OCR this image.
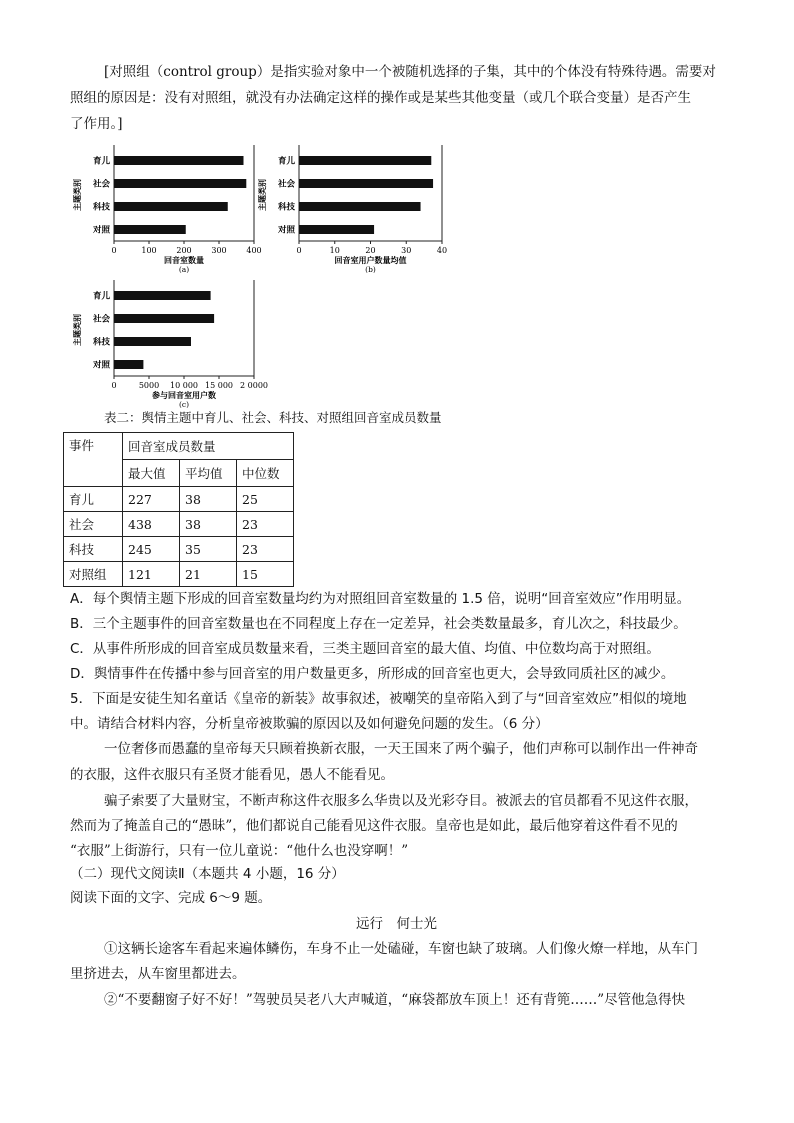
[对照组（control group）是指实验对象中一个被随机选择的子集，其中的个体没有特殊待遇。需要对
照组的原因是：没有对照组，就没有办法确定这样的操作或是某些其他变量（或几个联合变量）是否产生
了作用。]
主题类别
育儿
社会
科技
对照
0	100 200 300 400
回音室数量
(a)
主题类别
育儿
社会
科技
对照
0	10	20	30	40
回音室用户数量均值
(b)
主题类别
育儿
社会
科技
对照
0	5000 10 000 15 000 2 0000
参与回音室用户数
(c)
表二：舆情主题中育儿、社会、科技、对照组回音室成员数量
事件	回音室成员数量		
	最大值	平均值	中位数
育儿	227	38	25
社会	438	38	23
科技	245	35	23
对照组	121	21	15
A．每个舆情主题下形成的回音室数量均约为对照组回音室数量的 1.5 倍，说明“回音室效应”作用明显。
B．三个主题事件的回音室数量也在不同程度上存在一定差异，社会类数量最多，育儿次之，科技最少。
C．从事件所形成的回音室成员数量来看，三类主题回音室的最大值、均值、中位数均高于对照组。
D．舆情事件在传播中参与回音室的用户数量更多，所形成的回音室也更大，会导致同质社区的减少。
5．下面是安徒生知名童话《皇帝的新装》故事叙述，被嘲笑的皇帝陷入到了与“回音室效应”相似的境地
中。请结合材料内容，分析皇帝被欺骗的原因以及如何避免问题的发生。（6 分）
一位奢侈而愚蠢的皇帝每天只顾着换新衣服，一天王国来了两个骗子，他们声称可以制作出一件神奇
的衣服，这件衣服只有圣贤才能看见，愚人不能看见。
骗子索要了大量财宝，不断声称这件衣服多么华贵以及光彩夺目。被派去的官员都看不见这件衣服，
然而为了掩盖自己的“愚昧”，他们都说自己能看见这件衣服。皇帝也是如此，最后他穿着这件看不见的
“衣服”上街游行，只有一位儿童说：“他什么也没穿啊！”
（二）现代文阅读Ⅱ（本题共 4 小题，16 分）
阅读下面的文字、完成 6～9 题。
远行　何士光
①这辆长途客车看起来遍体鳞伤，车身不止一处磕碰，车窗也缺了玻璃。人们像火燎一样地，从车门
里挤进去，从车窗里都进去。
②“不要翻窗子好不好！”驾驶员吴老八大声喊道，“麻袋都放车顶上！还有背篼……”尽管他急得快
